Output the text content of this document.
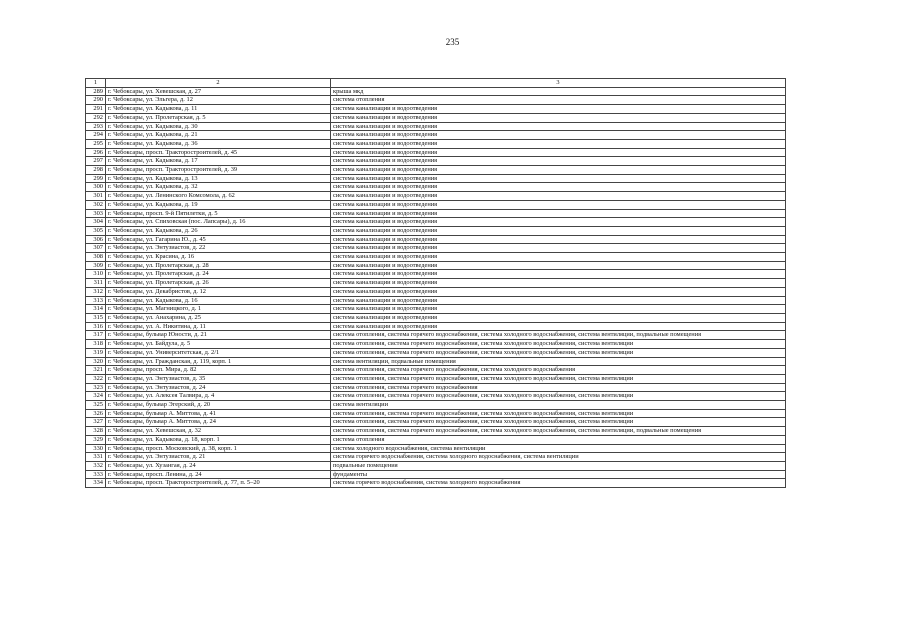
235
1	2	3
289	г. Чебоксары, ул. Хевешская, д. 27	крыша мкд
290	г. Чебоксары, ул. Эльгера, д. 12	система отопления
291	г. Чебоксары, ул. Кадыкова, д. 11	система канализации и водоотведения
292	г. Чебоксары, ул. Пролетарская, д. 5	система канализации и водоотведения
293	г. Чебоксары, ул. Кадыкова, д. 30	система канализации и водоотведения
294	г. Чебоксары, ул. Кадыкова, д. 21	система канализации и водоотведения
295	г. Чебоксары, ул. Кадыкова, д. 36	система канализации и водоотведения
296	г. Чебоксары, просп. Тракторостроителей, д. 45	система канализации и водоотведения
297	г. Чебоксары, ул. Кадыкова, д. 17	система канализации и водоотведения
298	г. Чебоксары, просп. Тракторостроителей, д. 39	система канализации и водоотведения
299	г. Чебоксары, ул. Кадыкова, д. 13	система канализации и водоотведения
300	г. Чебоксары, ул. Кадыкова, д. 32	система канализации и водоотведения
301	г. Чебоксары, ул. Ленинского Комсомола, д. 62	система канализации и водоотведения
302	г. Чебоксары, ул. Кадыкова, д. 19	система канализации и водоотведения
303	г. Чебоксары, просп. 9-й Пятилетки, д. 5	система канализации и водоотведения
304	г. Чебоксары, ул. Спиховская (пос. Лапсары), д. 16	система канализации и водоотведения
305	г. Чебоксары, ул. Кадыкова, д. 26	система канализации и водоотведения
306	г. Чебоксары, ул. Гагарина Ю., д. 45	система канализации и водоотведения
307	г. Чебоксары, ул. Энтузиастов, д. 22	система канализации и водоотведения
308	г. Чебоксары, ул. Красина, д. 16	система канализации и водоотведения
309	г. Чебоксары, ул. Пролетарская, д. 28	система канализации и водоотведения
310	г. Чебоксары, ул. Пролетарская, д. 24	система канализации и водоотведения
311	г. Чебоксары, ул. Пролетарская, д. 26	система канализации и водоотведения
312	г. Чебоксары, ул. Декабристов, д. 12	система канализации и водоотведения
313	г. Чебоксары, ул. Кадыкова, д. 16	система канализации и водоотведения
314	г. Чебоксары, ул. Магницкого, д. 1	система канализации и водоотведения
315	г. Чебоксары, ул. Анахарина, д. 25	система канализации и водоотведения
316	г. Чебоксары, ул. А. Никитина, д. 11	система канализации и водоотведения
317	г. Чебоксары, бульвар Юности, д. 21	система отопления, система горячего водоснабжения, система холодного водоснабжения, система вентиляции, подвальные помещения
318	г. Чебоксары, ул. Байдула, д. 5	система отопления, система горячего водоснабжения, система холодного водоснабжения, система вентиляции
319	г. Чебоксары, ул. Университетская, д. 2/1	система отопления, система горячего водоснабжения, система холодного водоснабжения, система вентиляции
320	г. Чебоксары, ул. Гражданская, д. 119, корп. 1	система вентиляции, подвальные помещения
321	г. Чебоксары, просп. Мира, д. 82	система отопления, система горячего водоснабжения, система холодного водоснабжения
322	г. Чебоксары, ул. Энтузиастов, д. 35	система отопления, система горячего водоснабжения, система холодного водоснабжения, система вентиляции
323	г. Чебоксары, ул. Энтузиастов, д. 24	система отопления, система горячего водоснабжения
324	г. Чебоксары, ул. Алексея Талвира, д. 4	система отопления, система горячего водоснабжения, система холодного водоснабжения, система вентиляции
325	г. Чебоксары, бульвар Эгерский, д. 20	система вентиляции
326	г. Чебоксары, бульвар А. Миттова, д. 41	система отопления, система горячего водоснабжения, система холодного водоснабжения, система вентиляции
327	г. Чебоксары, бульвар А. Миттова, д. 24	система отопления, система горячего водоснабжения, система холодного водоснабжения, система вентиляции
328	г. Чебоксары, ул. Хевешская, д. 32	система отопления, система горячего водоснабжения, система холодного водоснабжения, система вентиляции, подвальные помещения
329	г. Чебоксары, ул. Кадыкова, д. 18, корп. 1	система отопления
330	г. Чебоксары, просп. Московский, д. 38, корп. 1	система холодного водоснабжения, система вентиляции
331	г. Чебоксары, ул. Энтузиастов, д. 21	система горячего водоснабжения, система холодного водоснабжения, система вентиляции
332	г. Чебоксары, ул. Хузангая, д. 24	подвальные помещения
333	г. Чебоксары, просп. Ленина, д. 24	фундаменты
334	г. Чебоксары, просп. Тракторостроителей, д. 77, п. 5–20	система горячего водоснабжения, система холодного водоснабжения
